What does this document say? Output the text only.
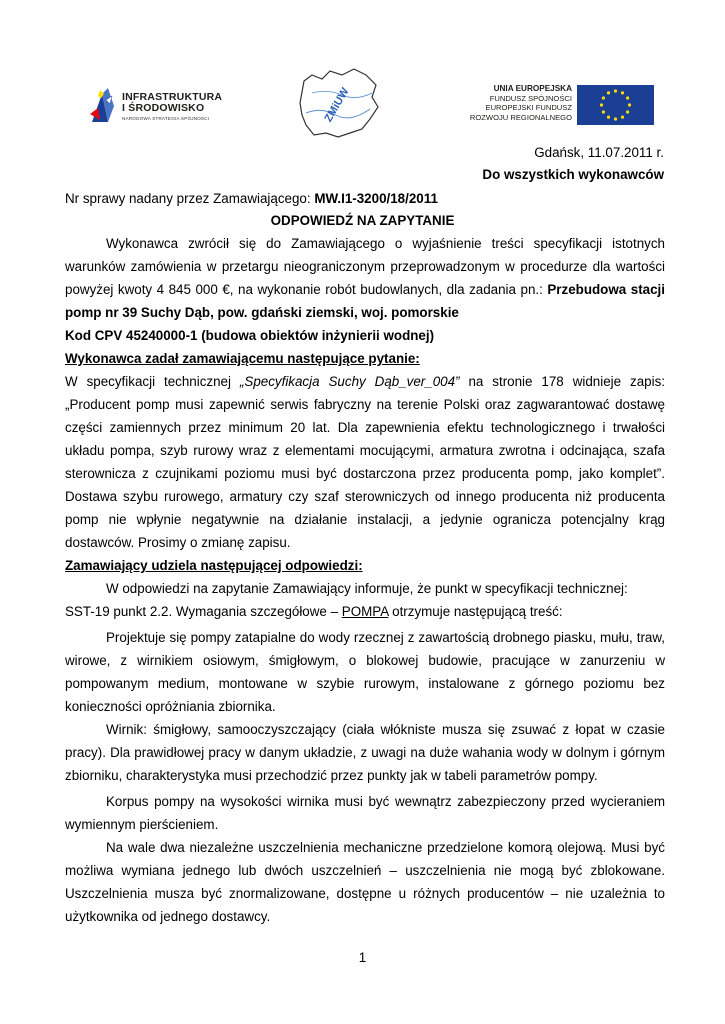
INFRASTRUKTURA
I ŚRODOWISKO
NARODOWA STRATEGIA SPÓJNOŚCI	ZMiUW	UNIA EUROPEJSKA
FUNDUSZ SPÓJNOŚCI
EUROPEJSKI FUNDUSZ
ROZWOJU REGIONALNEGO
Gdańsk, 11.07.2011 r.
Do wszystkich wykonawców
Nr sprawy nadany przez Zamawiającego: MW.I1-3200/18/2011
ODPOWIEDŹ NA ZAPYTANIE
Wykonawca zwrócił się do Zamawiającego o wyjaśnienie treści specyfikacji istotnych
warunków zamówienia w przetargu nieograniczonym przeprowadzonym w procedurze dla wartości
powyżej kwoty 4 845 000 €, na wykonanie robót budowlanych, dla zadania pn.: Przebudowa stacji
pomp nr 39 Suchy Dąb, pow. gdański ziemski, woj. pomorskie
Kod CPV 45240000-1 (budowa obiektów inżynierii wodnej)
Wykonawca zadał zamawiającemu następujące pytanie:
W specyfikacji technicznej „Specyfikacja Suchy Dąb_ver_004” na stronie 178 widnieje zapis:
„Producent pomp musi zapewnić serwis fabryczny na terenie Polski oraz zagwarantować dostawę
części zamiennych przez minimum 20 lat. Dla zapewnienia efektu technologicznego i trwałości
układu pompa, szyb rurowy wraz z elementami mocującymi, armatura zwrotna i odcinająca, szafa
sterownicza z czujnikami poziomu musi być dostarczona przez producenta pomp, jako komplet”.
Dostawa szybu rurowego, armatury czy szaf sterowniczych od innego producenta niż producenta
pomp nie wpłynie negatywnie na działanie instalacji, a jedynie ogranicza potencjalny krąg
dostawców. Prosimy o zmianę zapisu.
Zamawiający udziela następującej odpowiedzi:
W odpowiedzi na zapytanie Zamawiający informuje, że punkt w specyfikacji technicznej:
SST-19 punkt 2.2. Wymagania szczegółowe – POMPA otrzymuje następującą treść:
Projektuje się pompy zatapialne do wody rzecznej z zawartością drobnego piasku, mułu, traw,
wirowe, z wirnikiem osiowym, śmigłowym, o blokowej budowie, pracujące w zanurzeniu w
pompowanym medium, montowane w szybie rurowym, instalowane z górnego poziomu bez
konieczności opróżniania zbiornika.
Wirnik: śmigłowy, samooczyszczający (ciała włókniste musza się zsuwać z łopat w czasie
pracy). Dla prawidłowej pracy w danym układzie, z uwagi na duże wahania wody w dolnym i górnym
zbiorniku, charakterystyka musi przechodzić przez punkty jak w tabeli parametrów pompy.
Korpus pompy na wysokości wirnika musi być wewnątrz zabezpieczony przed wycieraniem
wymiennym pierścieniem.
Na wale dwa niezależne uszczelnienia mechaniczne przedzielone komorą olejową. Musi być
możliwa wymiana jednego lub dwóch uszczelnień – uszczelnienia nie mogą być zblokowane.
Uszczelnienia musza być znormalizowane, dostępne u różnych producentów – nie uzależnia to
użytkownika od jednego dostawcy.
1
